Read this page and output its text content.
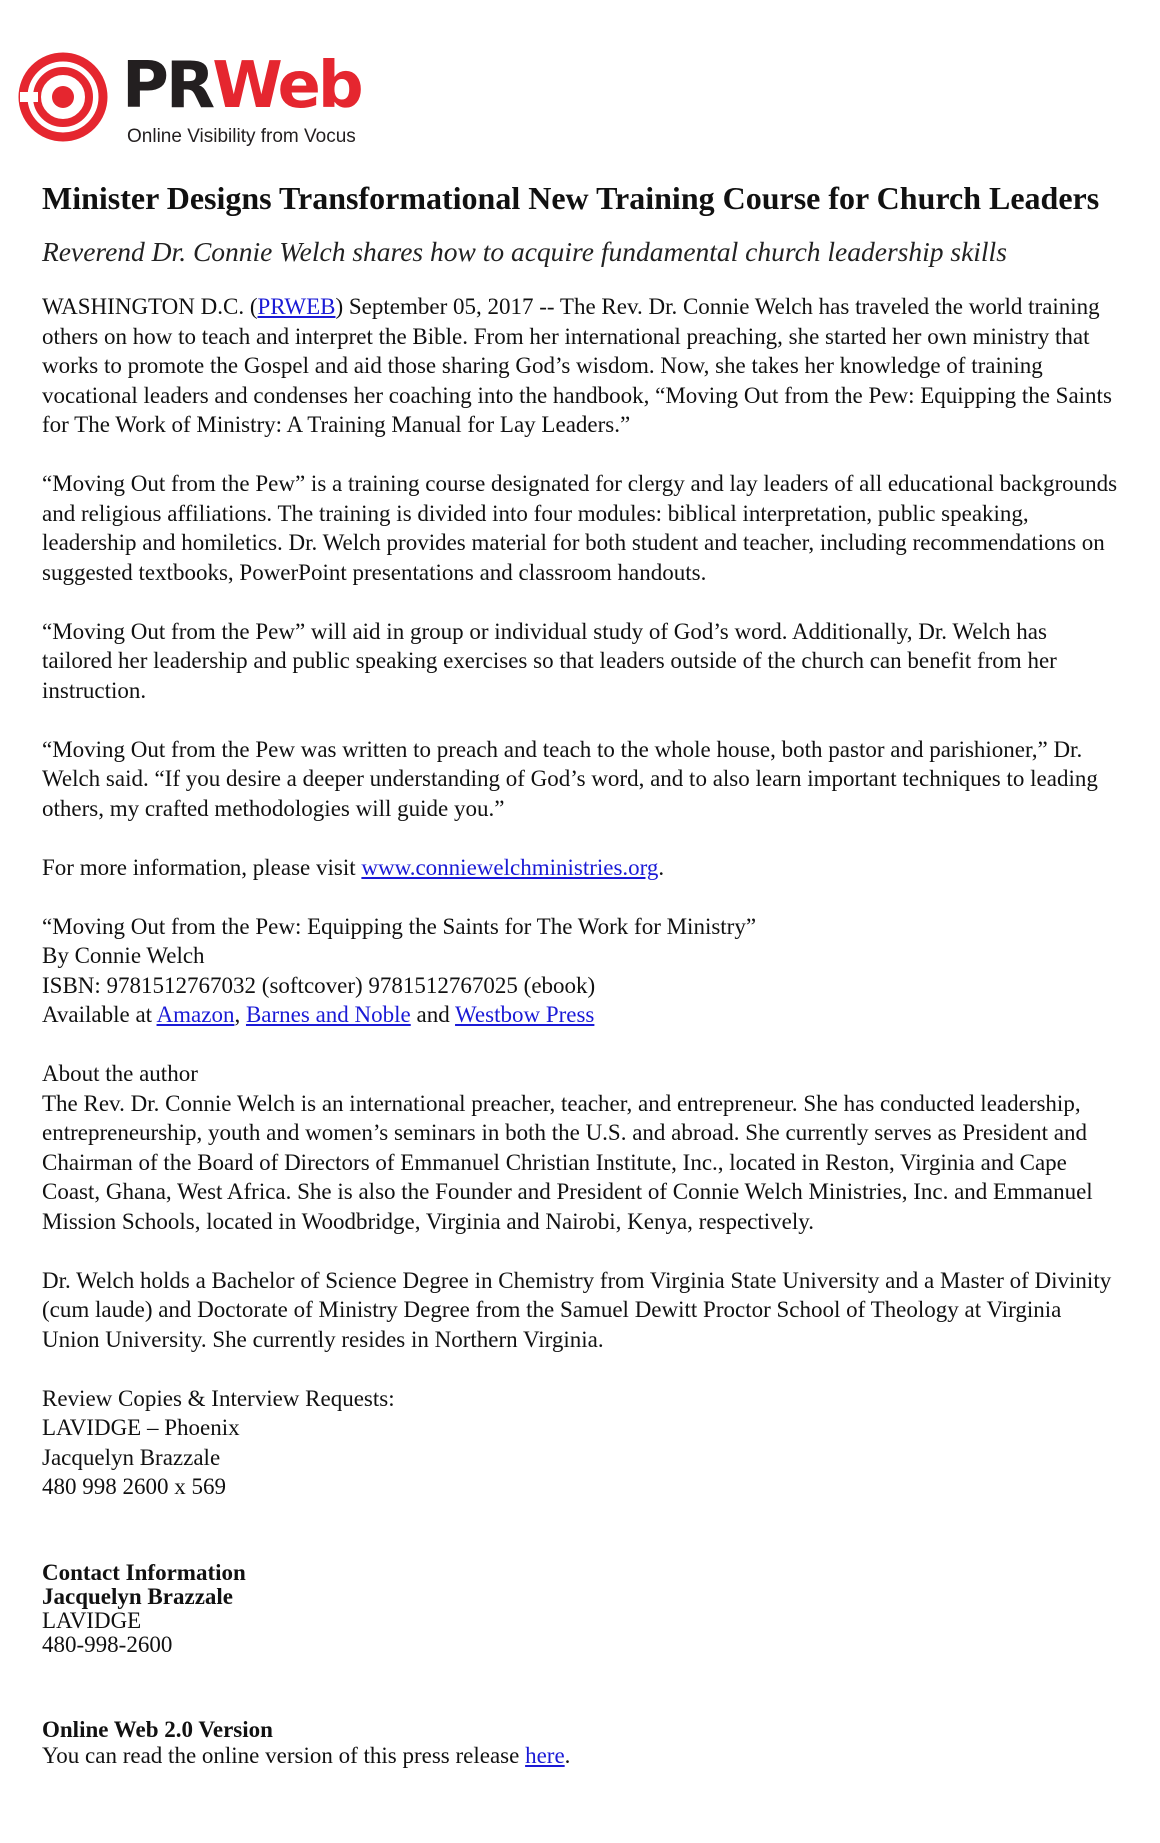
PRWeb
Online Visibility from Vocus
Minister Designs Transformational New Training Course for Church Leaders
Reverend Dr. Connie Welch shares how to acquire fundamental church leadership skills

WASHINGTON D.C. (PRWEB) September 05, 2017 -- The Rev. Dr. Connie Welch has traveled the world training others on how to teach and interpret the Bible. From her international preaching, she started her own ministry that works to promote the Gospel and aid those sharing God’s wisdom. Now, she takes her knowledge of training vocational leaders and condenses her coaching into the handbook, “Moving Out from the Pew: Equipping the Saints for The Work of Ministry: A Training Manual for Lay Leaders.”

“Moving Out from the Pew” is a training course designated for clergy and lay leaders of all educational backgrounds and religious affiliations. The training is divided into four modules: biblical interpretation, public speaking, leadership and homiletics. Dr. Welch provides material for both student and teacher, including recommendations on suggested textbooks, PowerPoint presentations and classroom handouts.

“Moving Out from the Pew” will aid in group or individual study of God’s word. Additionally, Dr. Welch has tailored her leadership and public speaking exercises so that leaders outside of the church can benefit from her instruction.

“Moving Out from the Pew was written to preach and teach to the whole house, both pastor and parishioner,” Dr. Welch said. “If you desire a deeper understanding of God’s word, and to also learn important techniques to leading others, my crafted methodologies will guide you.”

For more information, please visit www.conniewelchministries.org.

“Moving Out from the Pew: Equipping the Saints for The Work for Ministry”
By Connie Welch
ISBN: 9781512767032 (softcover) 9781512767025 (ebook)
Available at Amazon, Barnes and Noble and Westbow Press

About the author
The Rev. Dr. Connie Welch is an international preacher, teacher, and entrepreneur. She has conducted leadership, entrepreneurship, youth and women’s seminars in both the U.S. and abroad. She currently serves as President and Chairman of the Board of Directors of Emmanuel Christian Institute, Inc., located in Reston, Virginia and Cape Coast, Ghana, West Africa. She is also the Founder and President of Connie Welch Ministries, Inc. and Emmanuel Mission Schools, located in Woodbridge, Virginia and Nairobi, Kenya, respectively.

Dr. Welch holds a Bachelor of Science Degree in Chemistry from Virginia State University and a Master of Divinity (cum laude) and Doctorate of Ministry Degree from the Samuel Dewitt Proctor School of Theology at Virginia Union University. She currently resides in Northern Virginia.

Review Copies & Interview Requests:
LAVIDGE – Phoenix
Jacquelyn Brazzale
480 998 2600 x 569

Contact Information
Jacquelyn Brazzale
LAVIDGE
480-998-2600

Online Web 2.0 Version
You can read the online version of this press release here.
